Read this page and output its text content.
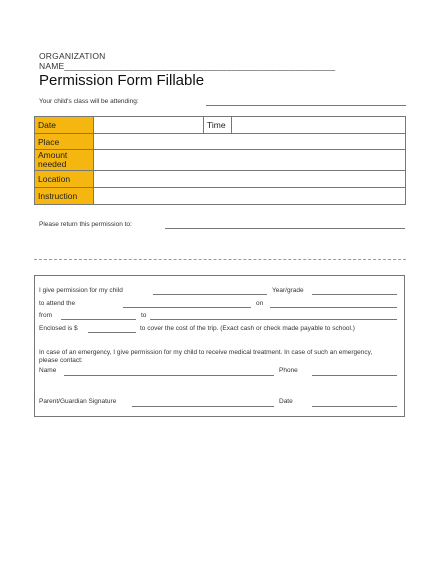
ORGANIZATION
NAME_______________________________________________________
Permission Form Fillable
Your child's class will be attending:
Date		Time	
Place			
Amount needed			
Location			
Instruction			
Please return this permission to:
I give permission for my child	Year/grade
to attend the	on
from	to
Enclosed is $	to cover the cost of the trip. (Exact cash or check made payable to school.)
In case of an emergency, I give permission for my child to receive medical treatment. In case of such an emergency, please contact:
Name	Phone
Parent/Guardian Signature	Date
